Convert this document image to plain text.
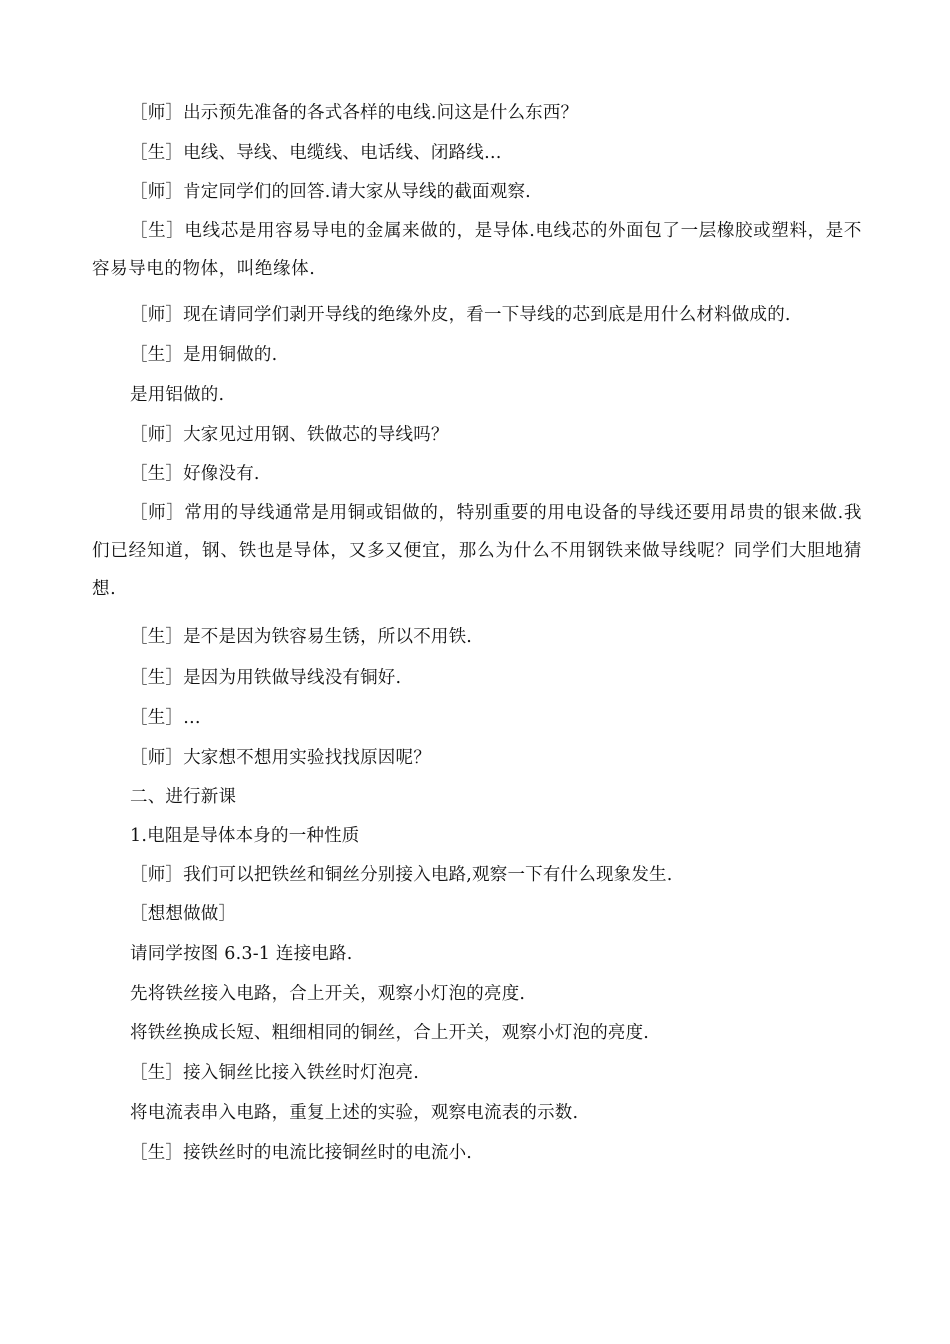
［师］出示预先准备的各式各样的电线.问这是什么东西？

［生］电线、导线、电缆线、电话线、闭路线…

［师］肯定同学们的回答.请大家从导线的截面观察.

［生］电线芯是用容易导电的金属来做的，是导体.电线芯的外面包了一层橡胶或塑料，是不容易导电的物体，叫绝缘体.

［师］现在请同学们剥开导线的绝缘外皮，看一下导线的芯到底是用什么材料做成的.

［生］是用铜做的.

是用铝做的.

［师］大家见过用钢、铁做芯的导线吗？

［生］好像没有.

［师］常用的导线通常是用铜或铝做的，特别重要的用电设备的导线还要用昂贵的银来做.我们已经知道，钢、铁也是导体，又多又便宜，那么为什么不用钢铁来做导线呢？同学们大胆地猜想.

［生］是不是因为铁容易生锈，所以不用铁.

［生］是因为用铁做导线没有铜好.

［生］…

［师］大家想不想用实验找找原因呢？

二、进行新课

1.电阻是导体本身的一种性质

［师］我们可以把铁丝和铜丝分别接入电路,观察一下有什么现象发生.

［想想做做］

请同学按图 6.3-1 连接电路.

先将铁丝接入电路，合上开关，观察小灯泡的亮度.

将铁丝换成长短、粗细相同的铜丝，合上开关，观察小灯泡的亮度.

［生］接入铜丝比接入铁丝时灯泡亮.

将电流表串入电路，重复上述的实验，观察电流表的示数.

［生］接铁丝时的电流比接铜丝时的电流小.
